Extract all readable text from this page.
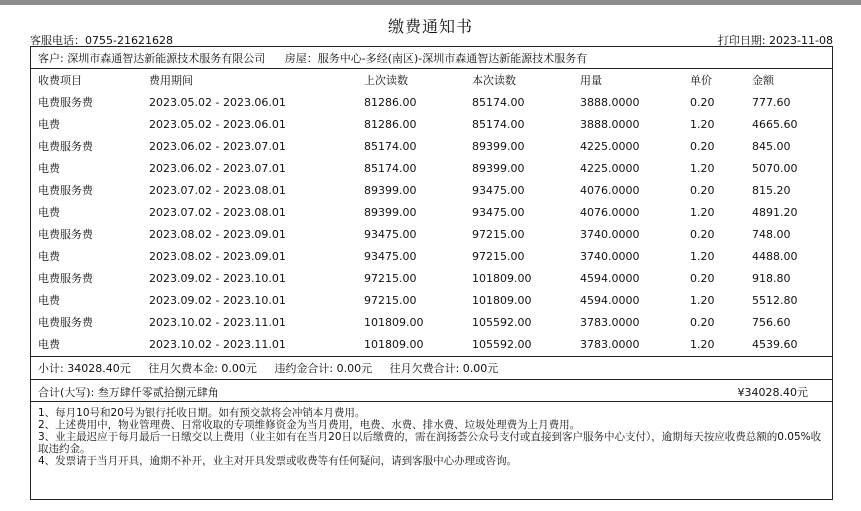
缴费通知书
客服电话：0755-21621628	打印日期: 2023-11-08
客户: 深圳市森通智达新能源技术服务有限公司 房屋：服务中心-多经(南区)-深圳市森通智达新能源技术服务有
收费项目	费用期间	上次读数	本次读数	用量	单价	金额
电费服务费	2023.05.02 - 2023.06.01	81286.00	85174.00	3888.0000	0.20	777.60
电费	2023.05.02 - 2023.06.01	81286.00	85174.00	3888.0000	1.20	4665.60
电费服务费	2023.06.02 - 2023.07.01	85174.00	89399.00	4225.0000	0.20	845.00
电费	2023.06.02 - 2023.07.01	85174.00	89399.00	4225.0000	1.20	5070.00
电费服务费	2023.07.02 - 2023.08.01	89399.00	93475.00	4076.0000	0.20	815.20
电费	2023.07.02 - 2023.08.01	89399.00	93475.00	4076.0000	1.20	4891.20
电费服务费	2023.08.02 - 2023.09.01	93475.00	97215.00	3740.0000	0.20	748.00
电费	2023.08.02 - 2023.09.01	93475.00	97215.00	3740.0000	1.20	4488.00
电费服务费	2023.09.02 - 2023.10.01	97215.00	101809.00	4594.0000	0.20	918.80
电费	2023.09.02 - 2023.10.01	97215.00	101809.00	4594.0000	1.20	5512.80
电费服务费	2023.10.02 - 2023.11.01	101809.00	105592.00	3783.0000	0.20	756.60
电费	2023.10.02 - 2023.11.01	101809.00	105592.00	3783.0000	1.20	4539.60
小计: 34028.40元 往月欠费本金: 0.00元 违约金合计: 0.00元 往月欠费合计: 0.00元
合计(大写): 叁万肆仟零贰拾捌元肆角	¥34028.40元

1、每月10号和20号为银行托收日期。如有预交款将会冲销本月费用。

2、上述费用中，物业管理费、日常收取的专项维修资金为当月费用，电费、水费、排水费、垃圾处理费为上月费用。

3、业主最迟应于每月最后一日缴交以上费用（业主如有在当月20日以后缴费的，需在润扬荟公众号支付或直接到客户服务中心支付），逾期每天按应收费总额的0.05%收取违约金。

4、发票请于当月开具，逾期不补开，业主对开具发票或收费等有任何疑问，请到客服中心办理或咨询。
